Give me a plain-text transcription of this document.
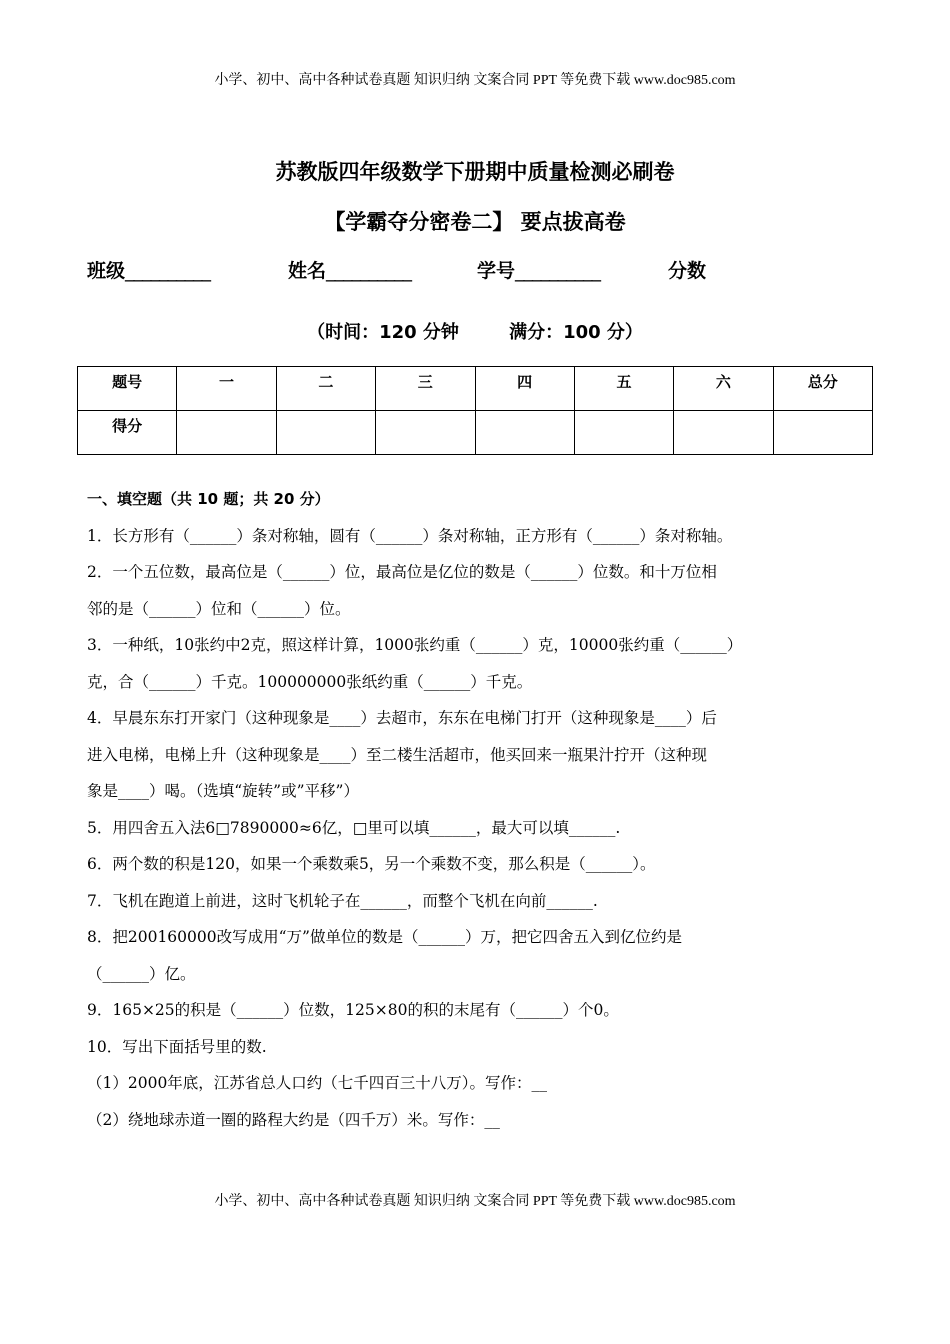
小学、初中、高中各种试卷真题 知识归纳 文案合同 PPT 等免费下载 www.doc985.com
苏教版四年级数学下册期中质量检测必刷卷
【学霸夺分密卷二】 要点拔高卷
班级__________	姓名__________	学号__________	分数
（时间：120 分钟        满分：100 分）
题号	一	二	三	四	五	六	总分
得分							

一、填空题（共 10 题；共 20 分）

1．长方形有（______）条对称轴，圆有（______）条对称轴，正方形有（______）条对称轴。

2．一个五位数，最高位是（______）位，最高位是亿位的数是（______）位数。和十万位相

邻的是（______）位和（______）位。

3．一种纸，10张约中2克，照这样计算，1000张约重（______）克，10000张约重（______）

克，合（______）千克。100000000张纸约重（______）千克。

4．早晨东东打开家门（这种现象是____）去超市，东东在电梯门打开（这种现象是____）后

进入电梯，电梯上升（这种现象是____）至二楼生活超市，他买回来一瓶果汁拧开（这种现

象是____）喝。（选填“旋转”或”平移”）

5．用四舍五入法6□7890000≈6亿，□里可以填______，最大可以填______.

6．两个数的积是120，如果一个乘数乘5，另一个乘数不变，那么积是（______）。

7．飞机在跑道上前进，这时飞机轮子在______，而整个飞机在向前______.

8．把200160000改写成用“万”做单位的数是（______）万，把它四舍五入到亿位约是

（______）亿。

9．165×25的积是（______）位数，125×80的积的末尾有（______）个0。

10．写出下面括号里的数.

（1）2000年底，江苏省总人口约（七千四百三十八万）。写作：__

（2）绕地球赤道一圈的路程大约是（四千万）米。写作：__

小学、初中、高中各种试卷真题 知识归纳 文案合同 PPT 等免费下载 www.doc985.com
